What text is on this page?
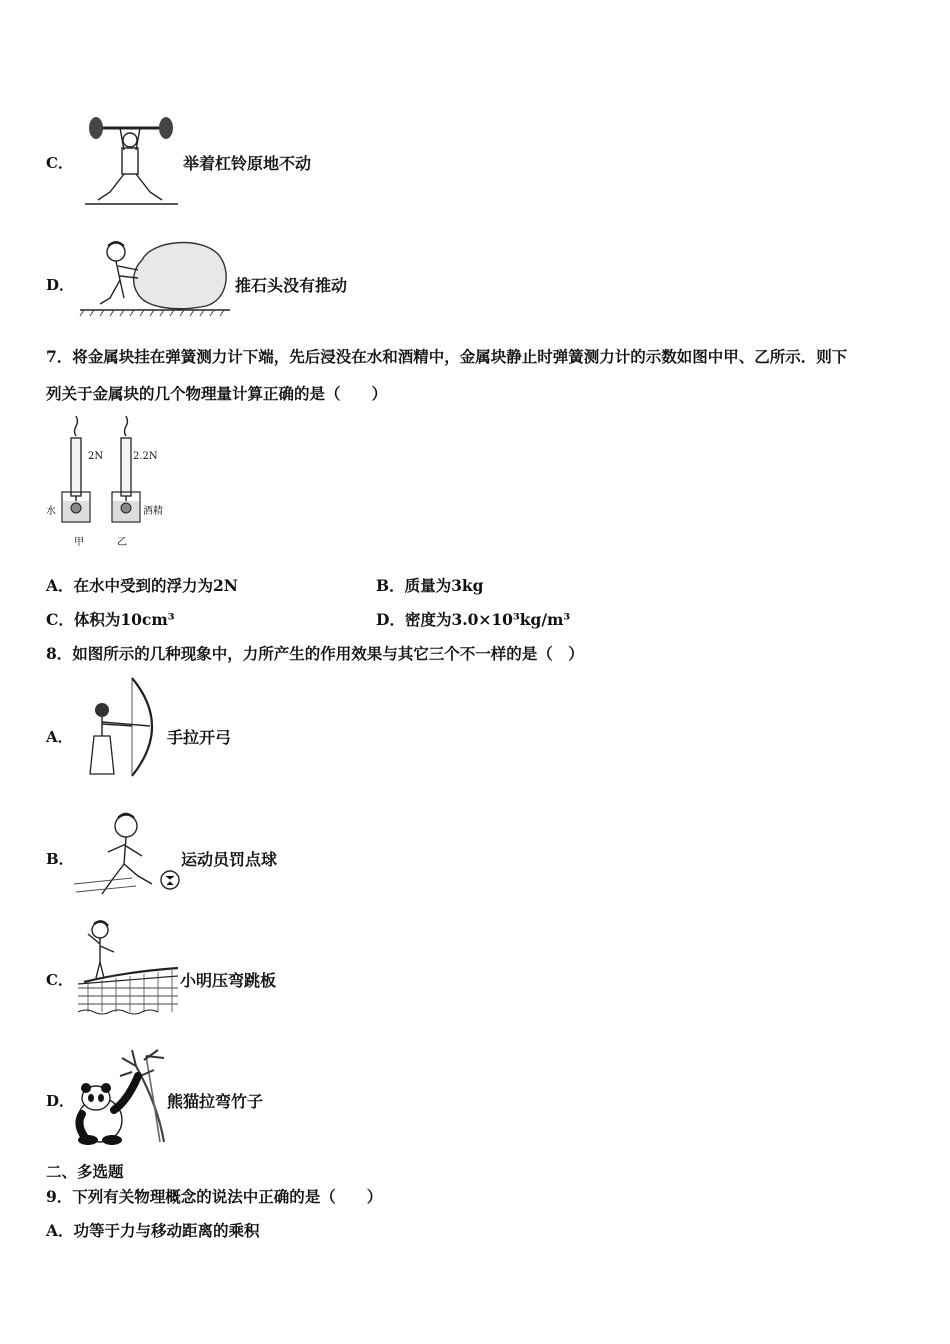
C．	举着杠铃原地不动
D．	推石头没有推动
7．将金属块挂在弹簧测力计下端，先后浸没在水和酒精中，金属块静止时弹簧测力计的示数如图中甲、乙所示．则下
列关于金属块的几个物理量计算正确的是（　　）
2N	2.2N
水	酒精
甲	乙
A．在水中受到的浮力为2N	B．质量为3kg
C．体积为10cm³	D．密度为3.0×10³kg/m³
8．如图所示的几种现象中，力所产生的作用效果与其它三个不一样的是（　）
A．	手拉开弓
B．	运动员罚点球
C．	小明压弯跳板
D．	熊猫拉弯竹子
二、多选题
9．下列有关物理概念的说法中正确的是（　　）
A．功等于力与移动距离的乘积
